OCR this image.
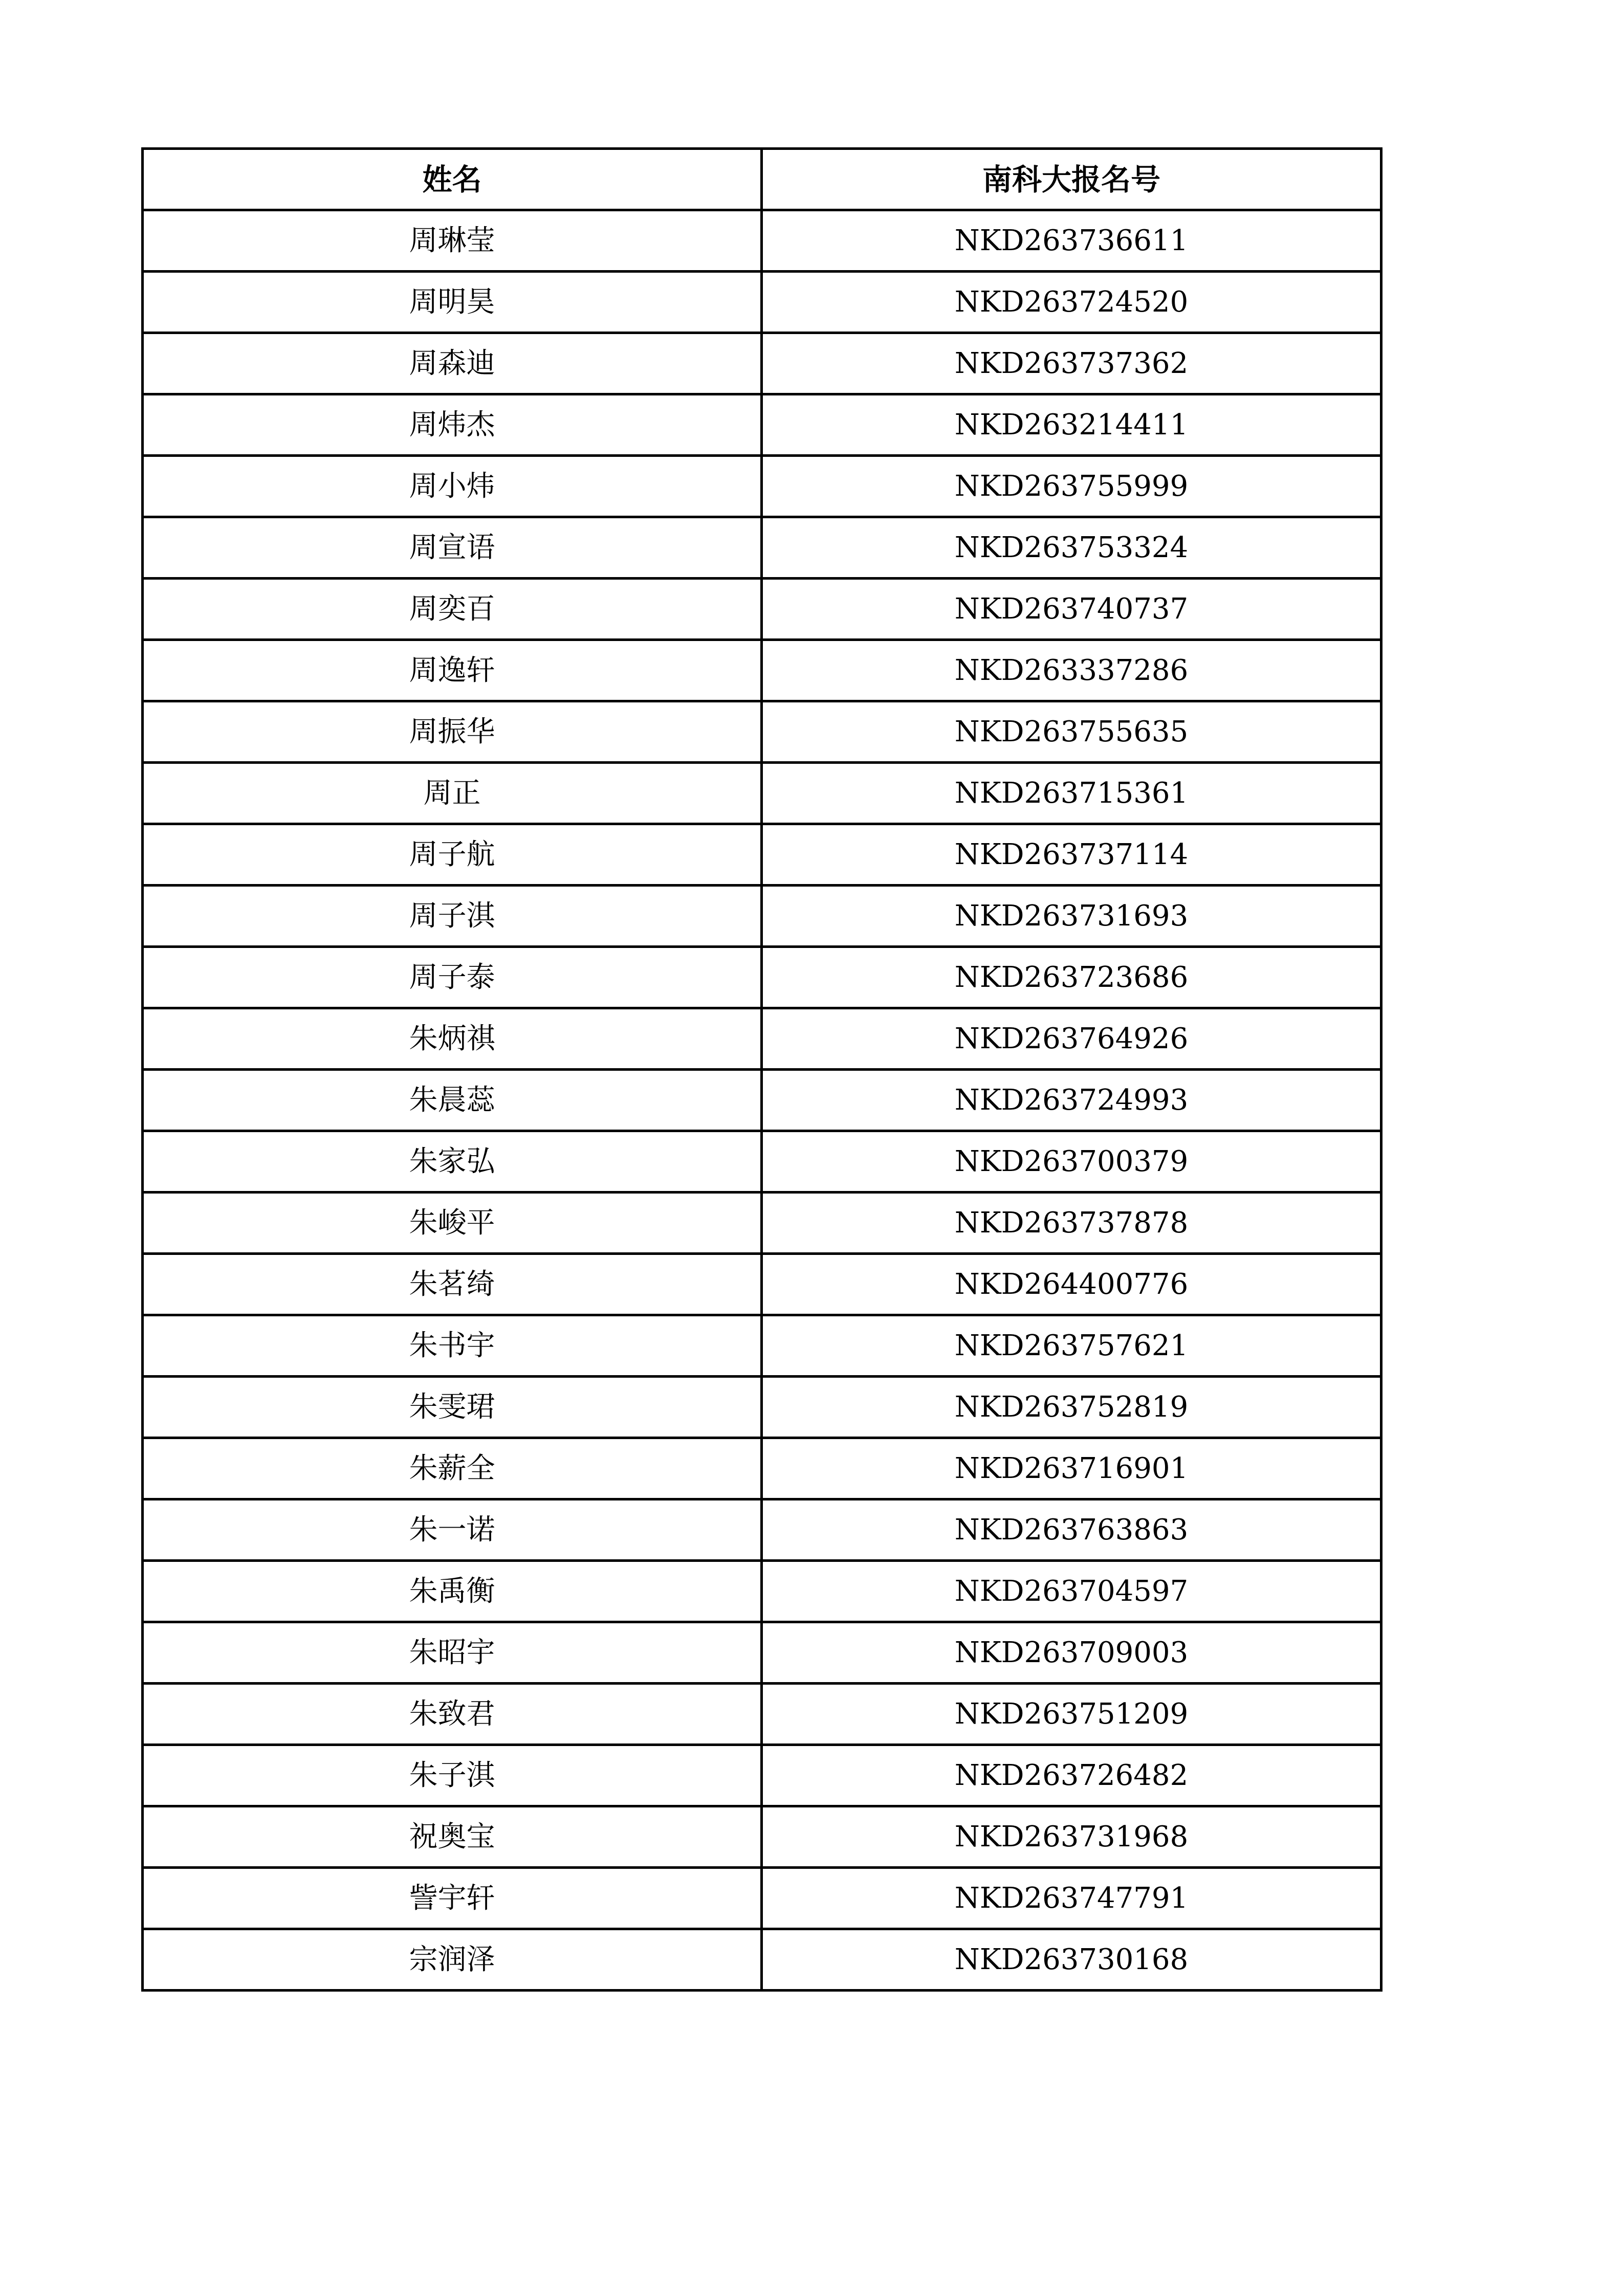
姓名	南科大报名号
周琳莹	NKD263736611
周明昊	NKD263724520
周森迪	NKD263737362
周炜杰	NKD263214411
周小炜	NKD263755999
周宣语	NKD263753324
周奕百	NKD263740737
周逸轩	NKD263337286
周振华	NKD263755635
周正	NKD263715361
周子航	NKD263737114
周子淇	NKD263731693
周子泰	NKD263723686
朱炳祺	NKD263764926
朱晨蕊	NKD263724993
朱家弘	NKD263700379
朱峻平	NKD263737878
朱茗绮	NKD264400776
朱书宇	NKD263757621
朱雯珺	NKD263752819
朱薪全	NKD263716901
朱一诺	NKD263763863
朱禹衡	NKD263704597
朱昭宇	NKD263709003
朱致君	NKD263751209
朱子淇	NKD263726482
祝奥宝	NKD263731968
訾宇轩	NKD263747791
宗润泽	NKD263730168
